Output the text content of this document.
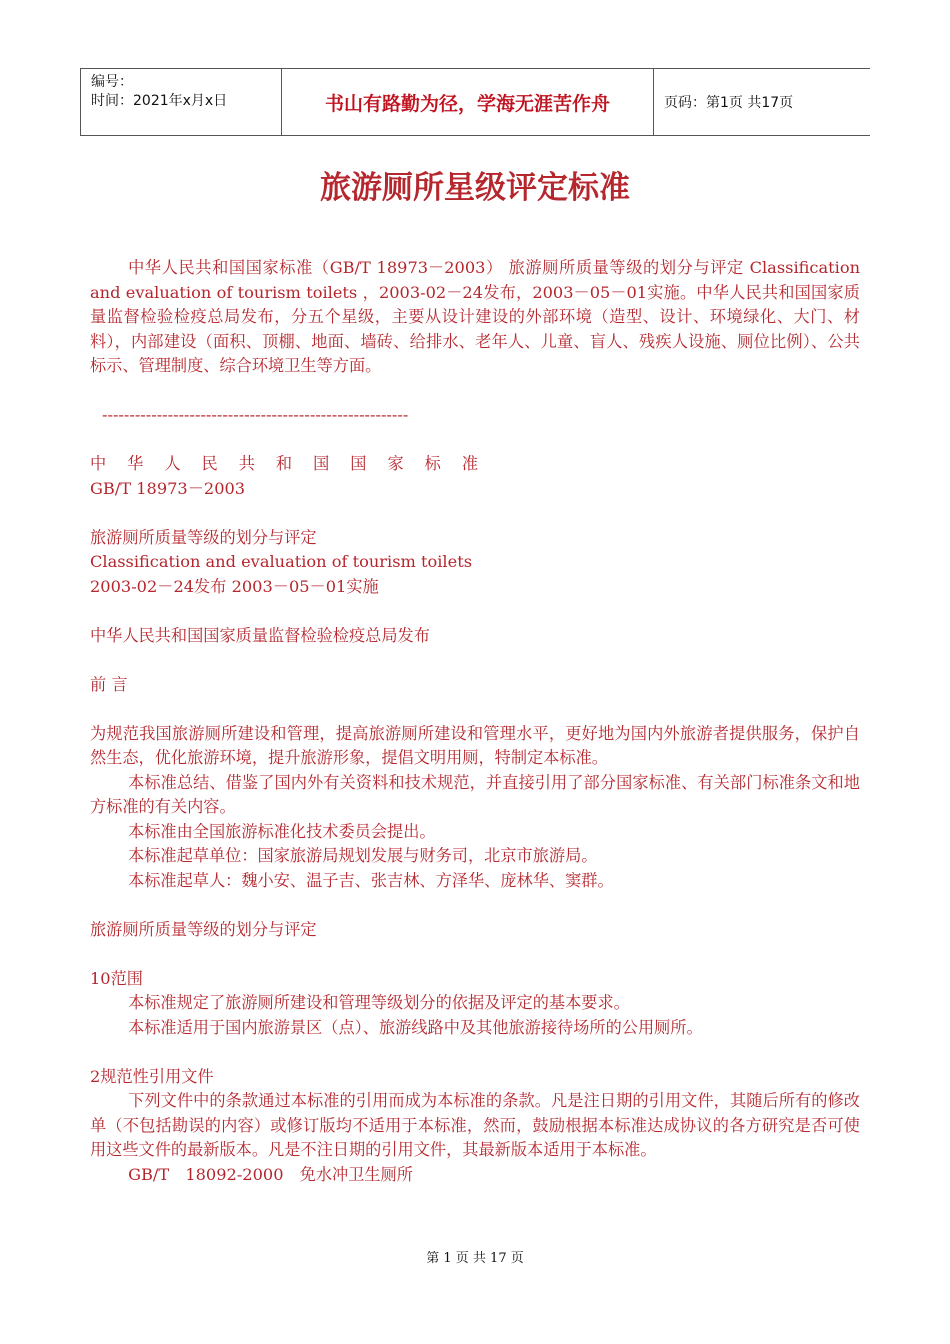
编号：
时间：2021年x月x日	书山有路勤为径，学海无涯苦作舟	页码：第1页 共17页
旅游厕所星级评定标准

中华人民共和国国家标准（GB/T 18973－2003） 旅游厕所质量等级的划分与评定 Classification and evaluation of tourism toilets ，2003-02－24发布，2003－05－01实施。中华人民共和国国家质量监督检验检疫总局发布，分五个星级，主要从设计建设的外部环境（造型、设计、环境绿化、大门、材料），内部建设（面积、顶棚、地面、墙砖、给排水、老年人、儿童、盲人、残疾人设施、厕位比例）、公共标示、管理制度、综合环境卫生等方面。

--------------------------------------------------------

中华人民共和国国家标准

GB/T 18973－2003

旅游厕所质量等级的划分与评定

Classification and evaluation of tourism toilets

2003-02－24发布 2003－05－01实施

中华人民共和国国家质量监督检验检疫总局发布

前 言

为规范我国旅游厕所建设和管理，提高旅游厕所建设和管理水平，更好地为国内外旅游者提供服务，保护自然生态，优化旅游环境，提升旅游形象，提倡文明用厕，特制定本标准。

本标准总结、借鉴了国内外有关资料和技术规范，并直接引用了部分国家标准、有关部门标准条文和地方标准的有关内容。

本标准由全国旅游标准化技术委员会提出。

本标准起草单位：国家旅游局规划发展与财务司，北京市旅游局。

本标准起草人：魏小安、温子吉、张吉林、方泽华、庞林华、窦群。

旅游厕所质量等级的划分与评定

10范围

本标准规定了旅游厕所建设和管理等级划分的依据及评定的基本要求。

本标准适用于国内旅游景区（点）、旅游线路中及其他旅游接待场所的公用厕所。

2规范性引用文件

下列文件中的条款通过本标准的引用而成为本标准的条款。凡是注日期的引用文件，其随后所有的修改单（不包括勘误的内容）或修订版均不适用于本标准，然而，鼓励根据本标准达成协议的各方研究是否可使用这些文件的最新版本。凡是不注日期的引用文件，其最新版本适用于本标准。

GB/T　18092-2000　免水冲卫生厕所

第 1 页 共 17 页
